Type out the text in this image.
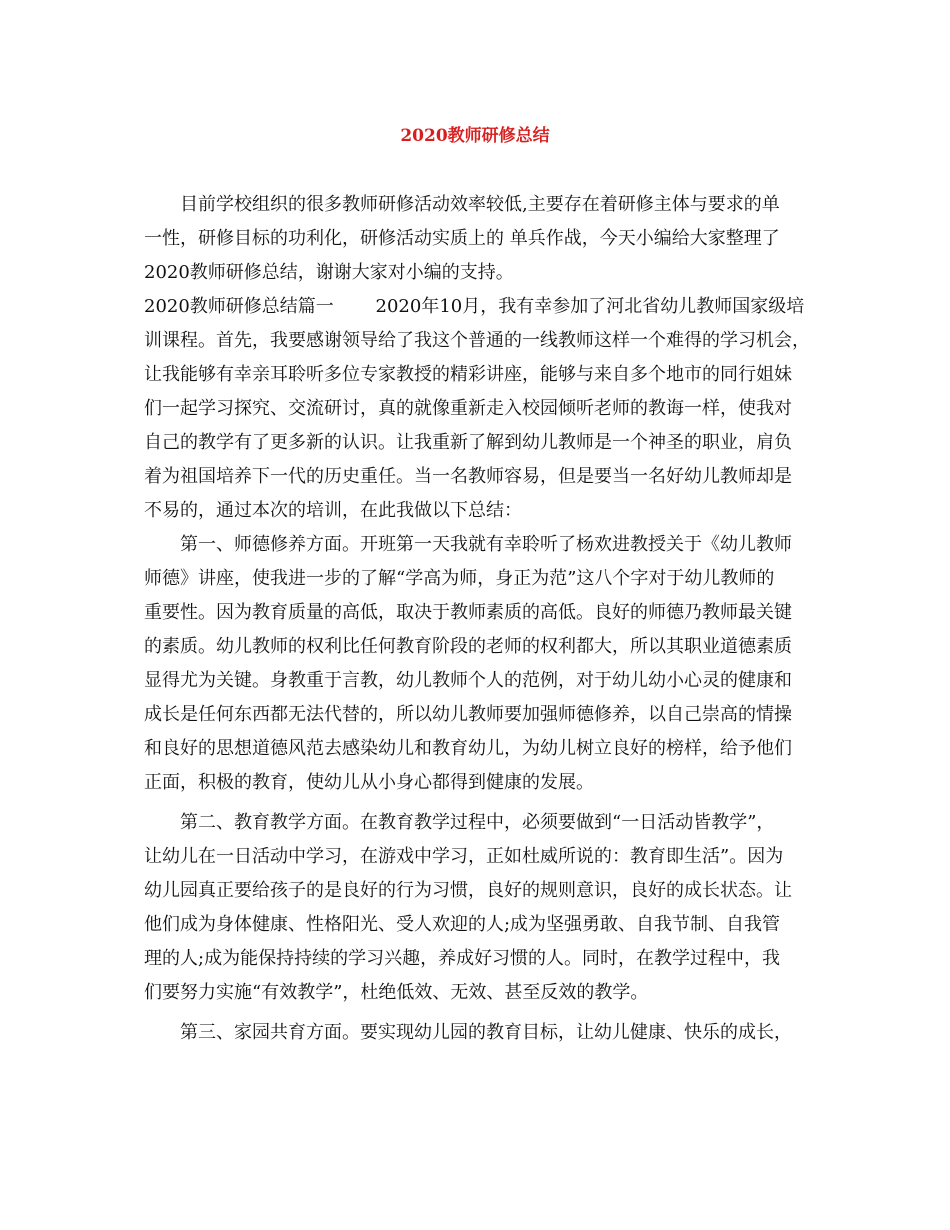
2020教师研修总结
　　目前学校组织的很多教师研修活动效率较低,主要存在着研修主体与要求的单
一性，研修目标的功利化，研修活动实质上的 单兵作战，今天小编给大家整理了
2020教师研修总结，谢谢大家对小编的支持。
2020教师研修总结篇一　　 2020年10月，我有幸参加了河北省幼儿教师国家级培
训课程。首先，我要感谢领导给了我这个普通的一线教师这样一个难得的学习机会，
让我能够有幸亲耳聆听多位专家教授的精彩讲座，能够与来自多个地市的同行姐妹
们一起学习探究、交流研讨，真的就像重新走入校园倾听老师的教诲一样，使我对
自己的教学有了更多新的认识。让我重新了解到幼儿教师是一个神圣的职业，肩负
着为祖国培养下一代的历史重任。当一名教师容易，但是要当一名好幼儿教师却是
不易的，通过本次的培训，在此我做以下总结：
　　第一、师德修养方面。开班第一天我就有幸聆听了杨欢进教授关于《幼儿教师
师德》讲座，使我进一步的了解“学高为师，身正为范”这八个字对于幼儿教师的
重要性。因为教育质量的高低，取决于教师素质的高低。良好的师德乃教师最关键
的素质。幼儿教师的权利比任何教育阶段的老师的权利都大，所以其职业道德素质
显得尤为关键。身教重于言教，幼儿教师个人的范例，对于幼儿幼小心灵的健康和
成长是任何东西都无法代替的，所以幼儿教师要加强师德修养，以自己崇高的情操
和良好的思想道德风范去感染幼儿和教育幼儿，为幼儿树立良好的榜样，给予他们
正面，积极的教育，使幼儿从小身心都得到健康的发展。
　　第二、教育教学方面。在教育教学过程中，必须要做到“一日活动皆教学”，
让幼儿在一日活动中学习，在游戏中学习，正如杜威所说的：教育即生活”。因为
幼儿园真正要给孩子的是良好的行为习惯，良好的规则意识，良好的成长状态。让
他们成为身体健康、性格阳光、受人欢迎的人;成为坚强勇敢、自我节制、自我管
理的人;成为能保持持续的学习兴趣，养成好习惯的人。同时，在教学过程中，我
们要努力实施“有效教学”，杜绝低效、无效、甚至反效的教学。
　　第三、家园共育方面。要实现幼儿园的教育目标，让幼儿健康、快乐的成长，
